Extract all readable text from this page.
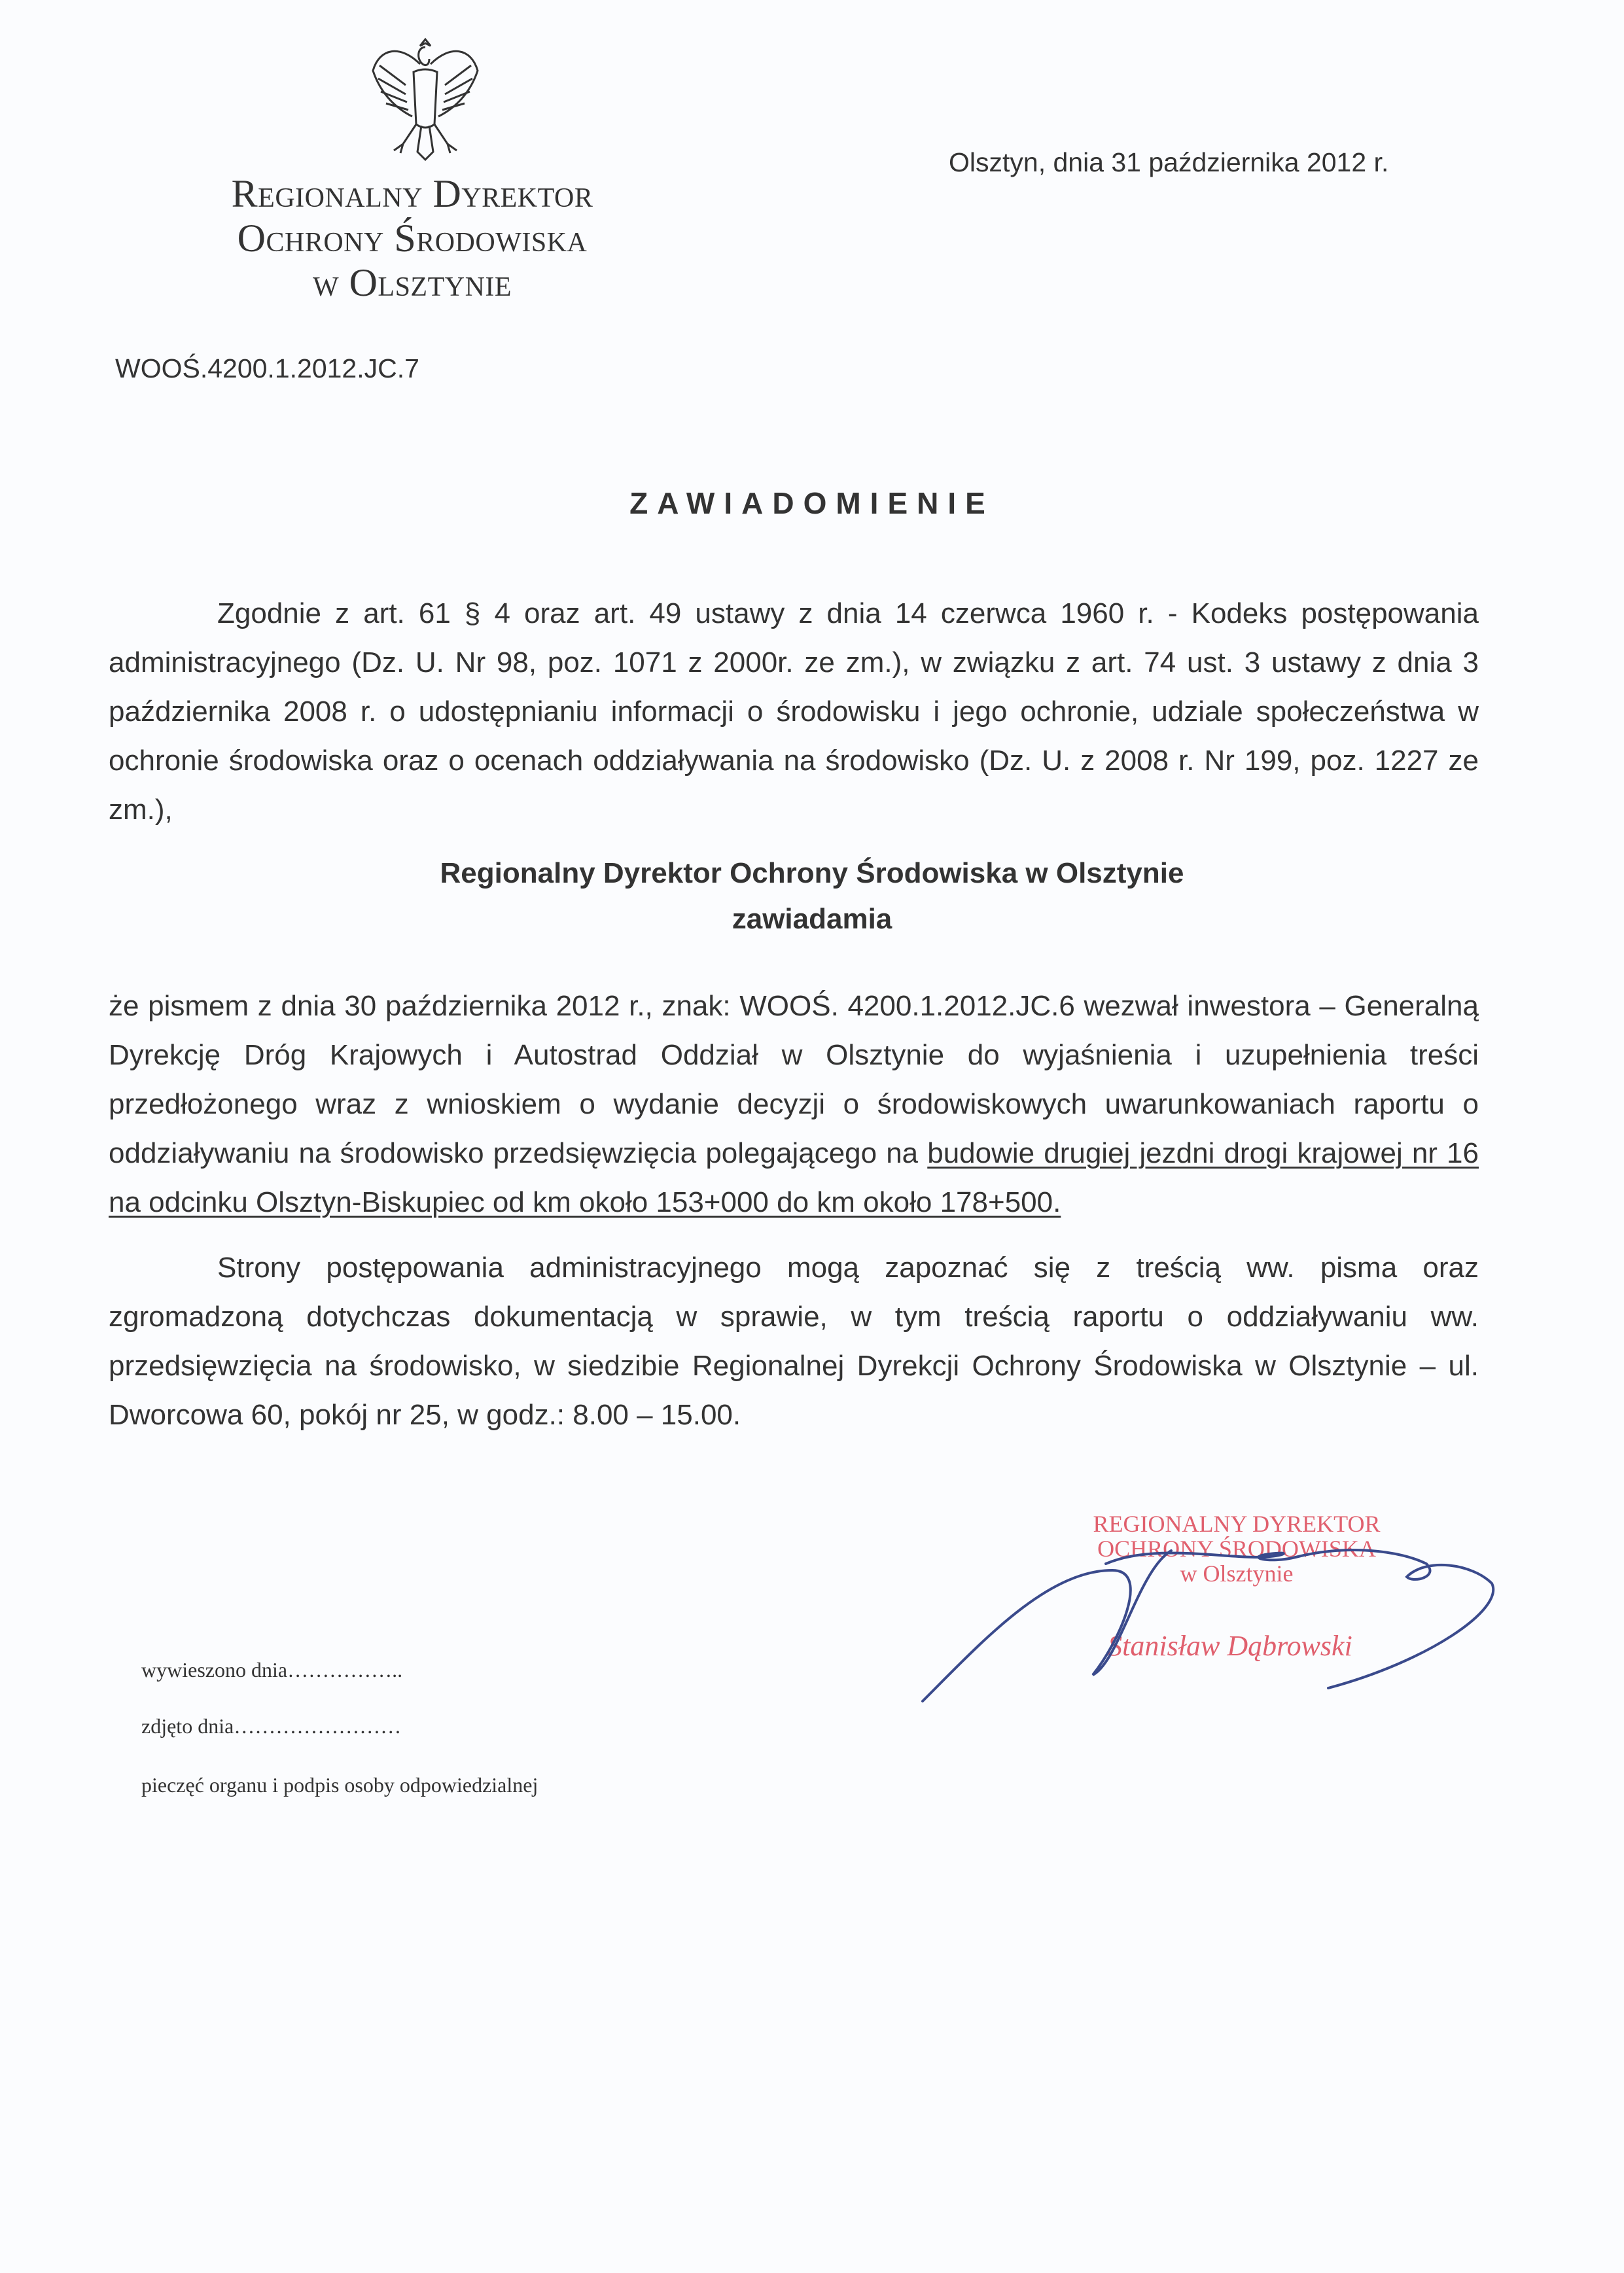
Regionalny Dyrektor
Ochrony Środowiska
w Olsztynie
Olsztyn, dnia 31 października 2012 r.
WOOŚ.4200.1.2012.JC.7
ZAWIADOMIENIE
Zgodnie z art. 61 § 4 oraz art. 49 ustawy z dnia 14 czerwca 1960 r. - Kodeks postępowania administracyjnego (Dz. U. Nr 98, poz. 1071 z 2000r. ze zm.), w związku z art. 74 ust. 3 ustawy z dnia 3 października 2008 r. o udostępnianiu informacji o środowisku i jego ochronie, udziale społeczeństwa w ochronie środowiska oraz o ocenach oddziaływania na środowisko (Dz. U. z 2008 r. Nr 199, poz. 1227 ze zm.),
Regionalny Dyrektor Ochrony Środowiska w Olsztynie
zawiadamia
że pismem z dnia 30 października 2012 r., znak: WOOŚ. 4200.1.2012.JC.6 wezwał inwestora – Generalną Dyrekcję Dróg Krajowych i Autostrad Oddział w Olsztynie do wyjaśnienia i uzupełnienia treści przedłożonego wraz z wnioskiem o wydanie decyzji o środowiskowych uwarunkowaniach raportu o oddziaływaniu na środowisko przedsięwzięcia polegającego na budowie drugiej jezdni drogi krajowej nr 16 na odcinku Olsztyn-Biskupiec od km około 153+000 do km około 178+500.
Strony postępowania administracyjnego mogą zapoznać się z treścią ww. pisma oraz zgromadzoną dotychczas dokumentacją w sprawie, w tym treścią raportu o oddziaływaniu ww. przedsięwzięcia na środowisko, w siedzibie Regionalnej Dyrekcji Ochrony Środowiska w Olsztynie – ul. Dworcowa 60, pokój nr 25, w godz.: 8.00 – 15.00.
REGIONALNY DYREKTOR
OCHRONY ŚRODOWISKA
w Olsztynie
Stanisław Dąbrowski
wywieszono dnia……………..
zdjęto dnia……………………
pieczęć organu i podpis osoby odpowiedzialnej
